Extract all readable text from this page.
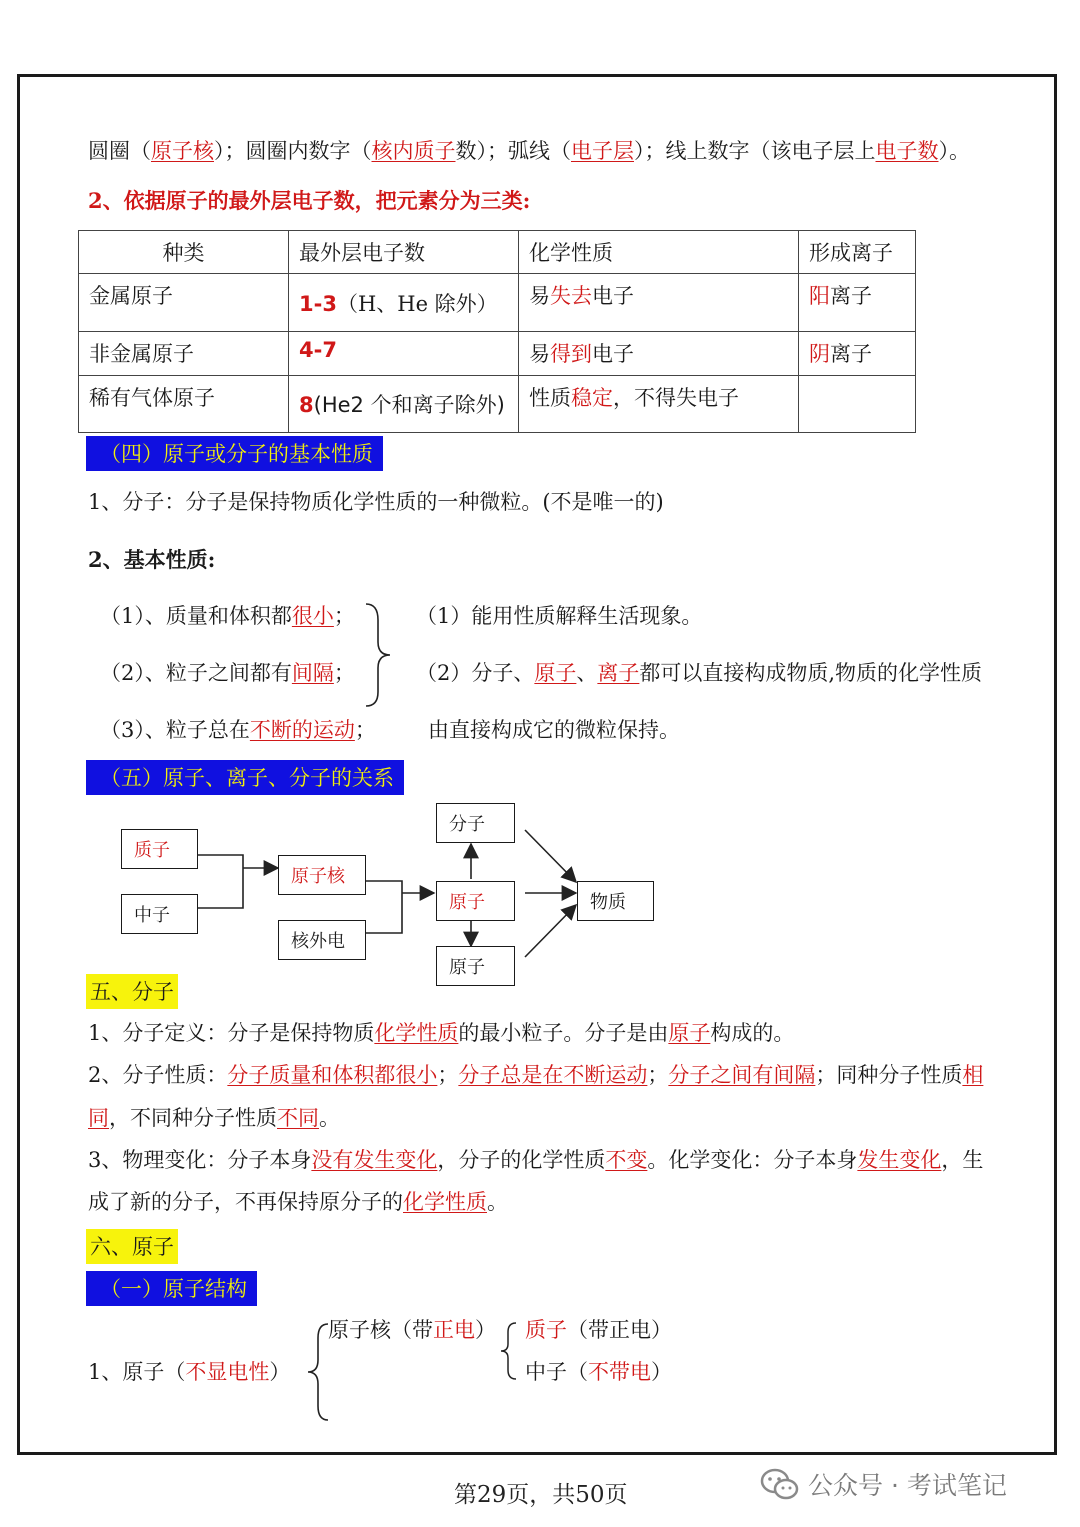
圆圈（原子核）；圆圈内数字（核内质子数）；弧线（电子层）；线上数字（该电子层上电子数）。
2、依据原子的最外层电子数，把元素分为三类:
种类	最外层电子数	化学性质	形成离子
金属原子	1-3（H、He 除外）	易失去电子	阳离子
非金属原子	4-7	易得到电子	阴离子
稀有气体原子	8(He2 个和离子除外)	性质稳定，不得失电子	
（四）原子或分子的基本性质
1、分子：分子是保持物质化学性质的一种微粒。(不是唯一的)
2、基本性质:
（1）、质量和体积都很小；
（2）、粒子之间都有间隔；
（3）、粒子总在不断的运动；
（1）能用性质解释生活现象。
（2）分子、原子、离子都可以直接构成物质,物质的化学性质
由直接构成它的微粒保持。
（五）原子、离子、分子的关系
质子
中子
原子核
核外电
分子
原子
原子
物质
五、分子
1、分子定义：分子是保持物质化学性质的最小粒子。分子是由原子构成的。
2、分子性质：分子质量和体积都很小；分子总是在不断运动；分子之间有间隔；同种分子性质相
同，不同种分子性质不同。
3、物理变化：分子本身没有发生变化，分子的化学性质不变。化学变化：分子本身发生变化，生
成了新的分子，不再保持原分子的化学性质。
六、原子
（一）原子结构
1、原子（不显电性）
原子核（带正电） 质子（带正电）
中子（不带电）
第29页，共50页	公众号 · 考试笔记
